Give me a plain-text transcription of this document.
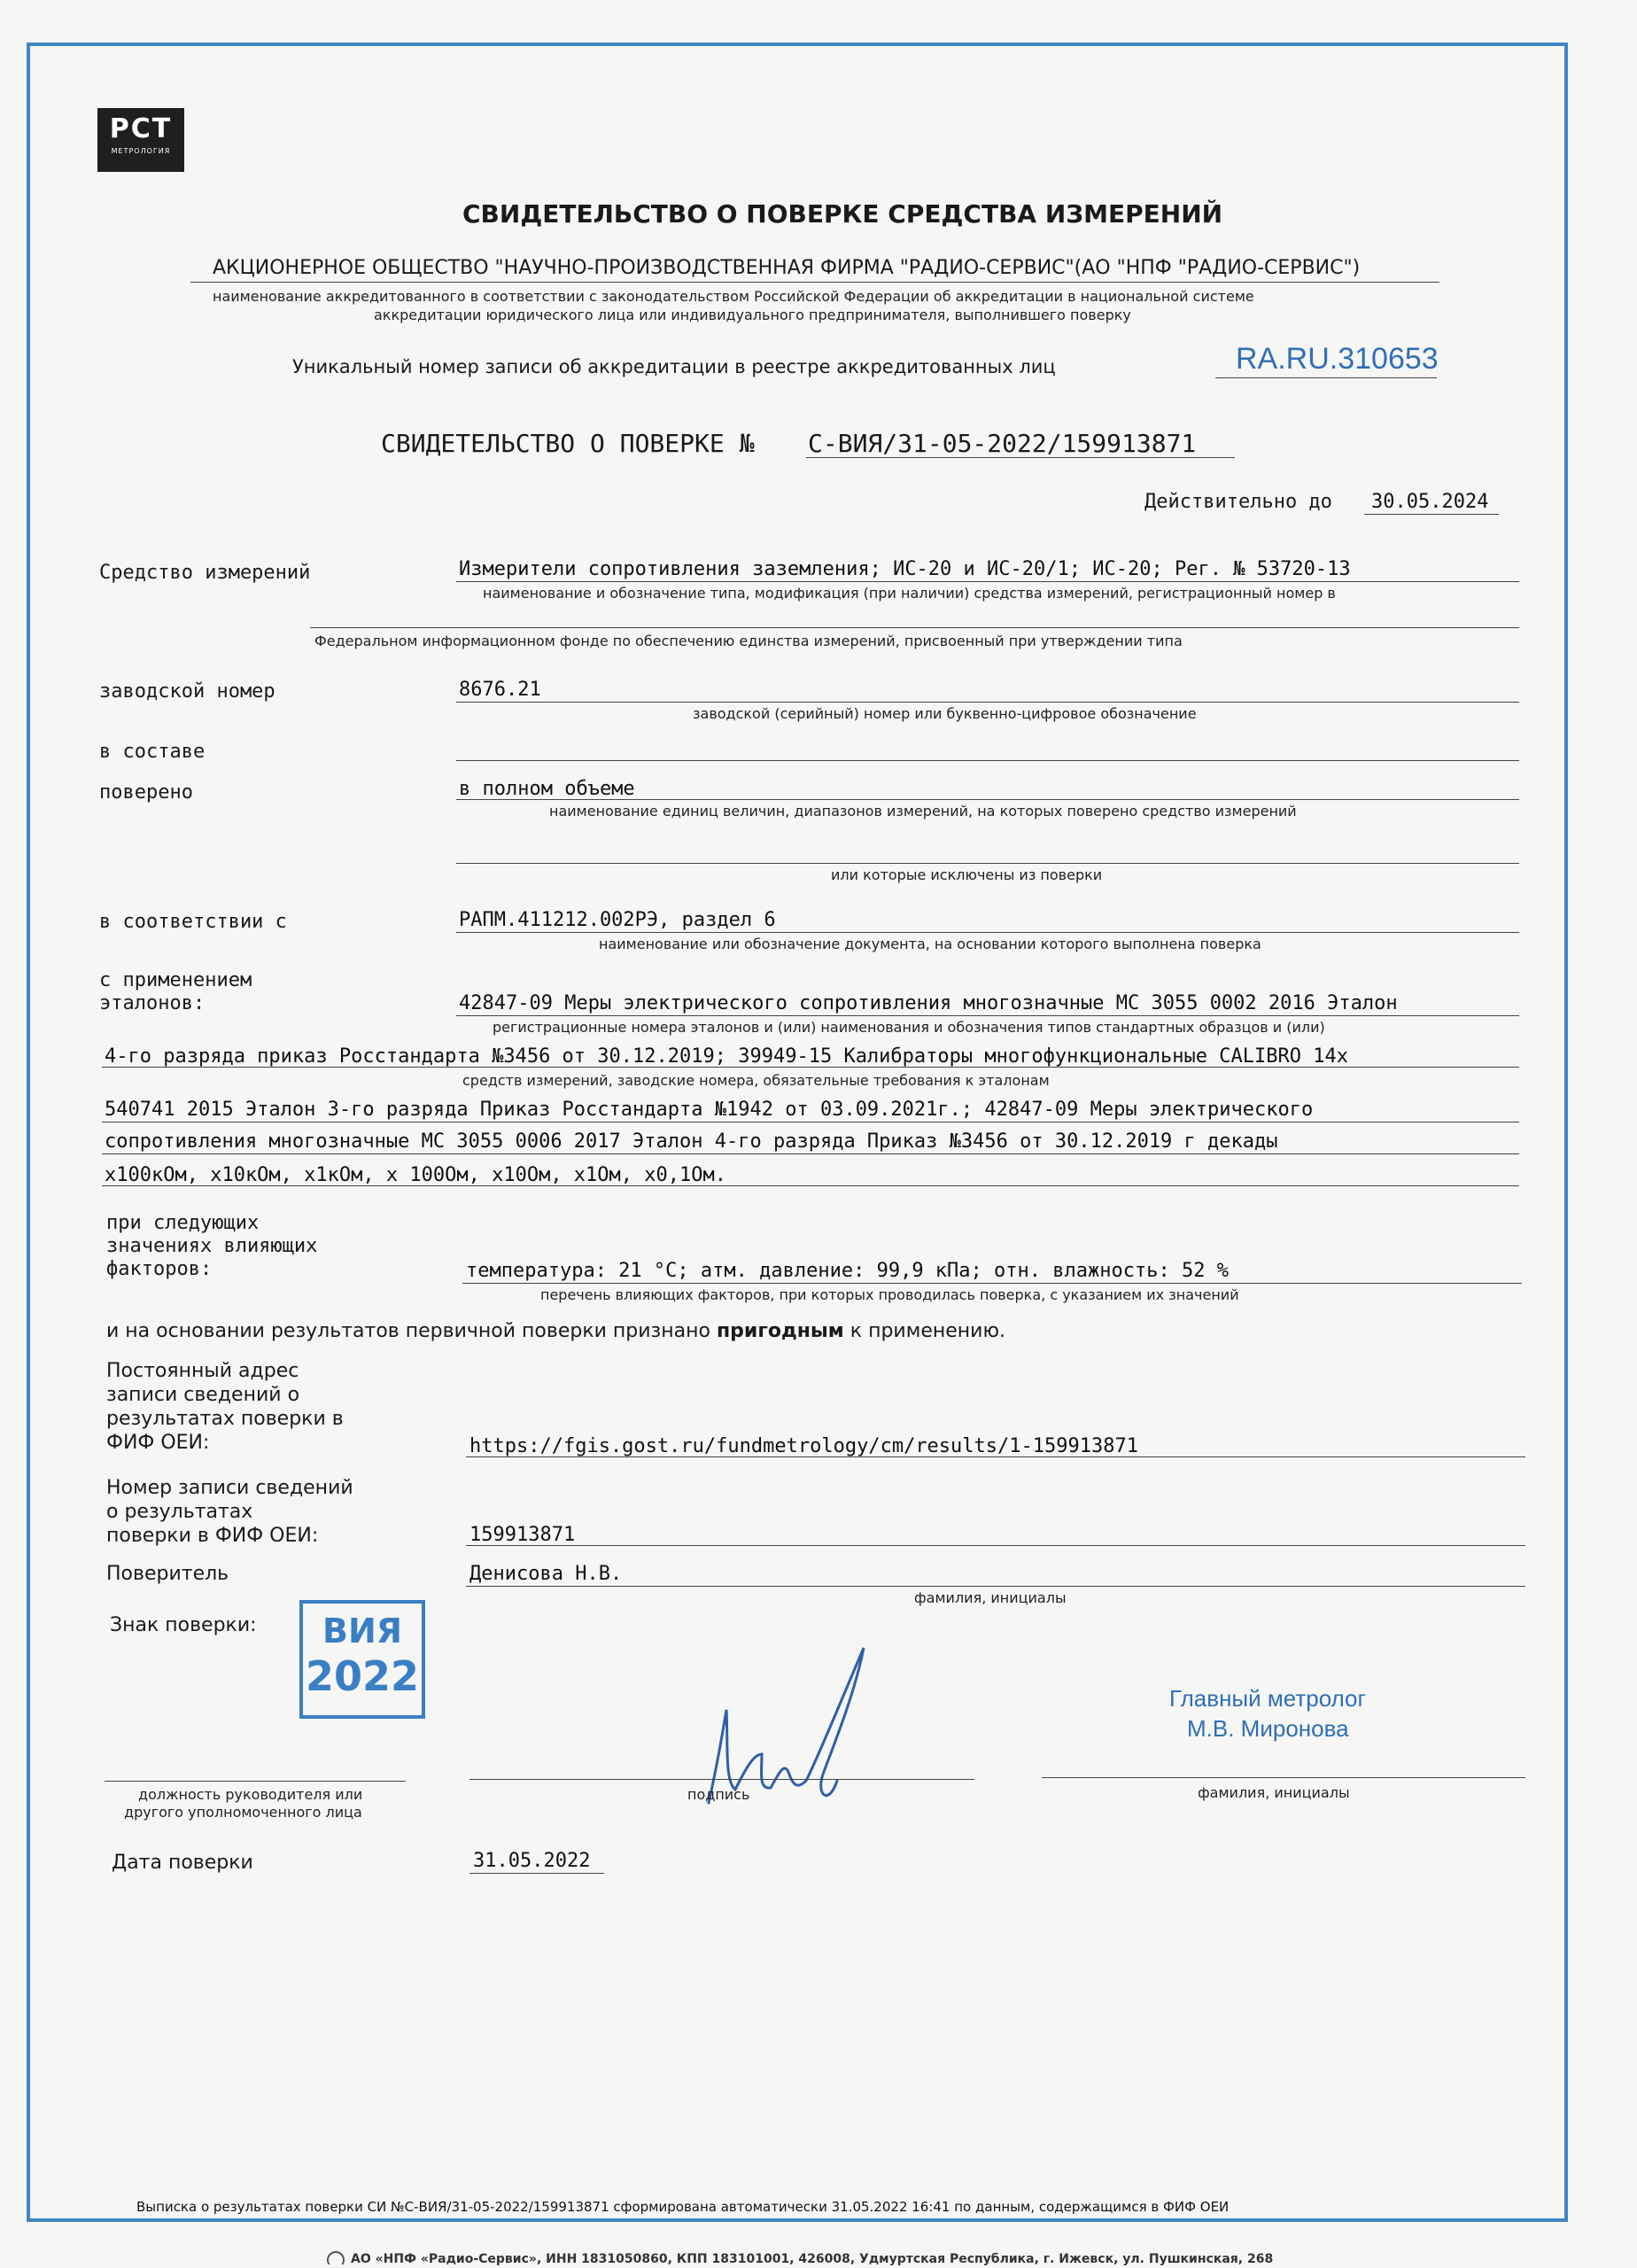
РСТ
МЕТРОЛОГИЯ
СВИДЕТЕЛЬСТВО О ПОВЕРКЕ СРЕДСТВА ИЗМЕРЕНИЙ
АКЦИОНЕРНОЕ ОБЩЕСТВО "НАУЧНО-ПРОИЗВОДСТВЕННАЯ ФИРМА "РАДИО-СЕРВИС"(АО "НПФ "РАДИО-СЕРВИС")
наименование аккредитованного в соответствии с законодательством Российской Федерации об аккредитации в национальной системе
аккредитации юридического лица или индивидуального предпринимателя, выполнившего поверку
Уникальный номер записи об аккредитации в реестре аккредитованных лиц	RA.RU.310653
СВИДЕТЕЛЬСТВО О ПОВЕРКЕ № С-ВИЯ/31-05-2022/159913871
Действительно до 30.05.2024
Средство измерений	Измерители сопротивления заземления; ИС-20 и ИС-20/1; ИС-20; Рег. № 53720-13
наименование и обозначение типа, модификация (при наличии) средства измерений, регистрационный номер в
Федеральном информационном фонде по обеспечению единства измерений, присвоенный при утверждении типа
заводской номер	8676.21
заводской (серийный) номер или буквенно-цифровое обозначение
в составе
поверено	в полном объеме
наименование единиц величин, диапазонов измерений, на которых поверено средство измерений
или которые исключены из поверки
в соответствии с	РАПМ.411212.002РЭ, раздел 6
наименование или обозначение документа, на основании которого выполнена поверка
с применением
эталонов:	42847-09 Меры электрического сопротивления многозначные МС 3055 0002 2016 Эталон
регистрационные номера эталонов и (или) наименования и обозначения типов стандартных образцов и (или)
4-го разряда приказ Росстандарта №3456 от 30.12.2019; 39949-15 Калибраторы многофункциональные CALIBRO 14х
средств измерений, заводские номера, обязательные требования к эталонам
540741 2015 Эталон 3-го разряда Приказ Росстандарта №1942 от 03.09.2021г.; 42847-09 Меры электрического
сопротивления многозначные МС 3055 0006 2017 Эталон 4-го разряда Приказ №3456 от 30.12.2019 г декады
х100кОм, х10кОм, х1кОм, х 100Ом, х10Ом, х1Ом, х0,1Ом.
при следующих
значениях влияющих
факторов:	температура: 21 °С; атм. давление: 99,9 кПа; отн. влажность: 52 %
перечень влияющих факторов, при которых проводилась поверка, с указанием их значений
и на основании результатов первичной поверки признано пригодным к применению.
Постоянный адрес
записи сведений о
результатах поверки в
ФИФ ОЕИ:	https://fgis.gost.ru/fundmetrology/cm/results/1-159913871
Номер записи сведений
о результатах
поверки в ФИФ ОЕИ:	159913871
Поверитель	Денисова Н.В.
фамилия, инициалы
Знак поверки:	ВИЯ
2022	Главный метролог
М.В. Миронова
должность руководителя или
другого уполномоченного лица
подпись	фамилия, инициалы
Дата поверки	31.05.2022
Выписка о результатах поверки СИ №С-ВИЯ/31-05-2022/159913871 сформирована автоматически 31.05.2022 16:41 по данным, содержащимся в ФИФ ОЕИ
АО «НПФ «Радио-Сервис», ИНН 1831050860, КПП 183101001, 426008, Удмуртская Республика, г. Ижевск, ул. Пушкинская, 268
